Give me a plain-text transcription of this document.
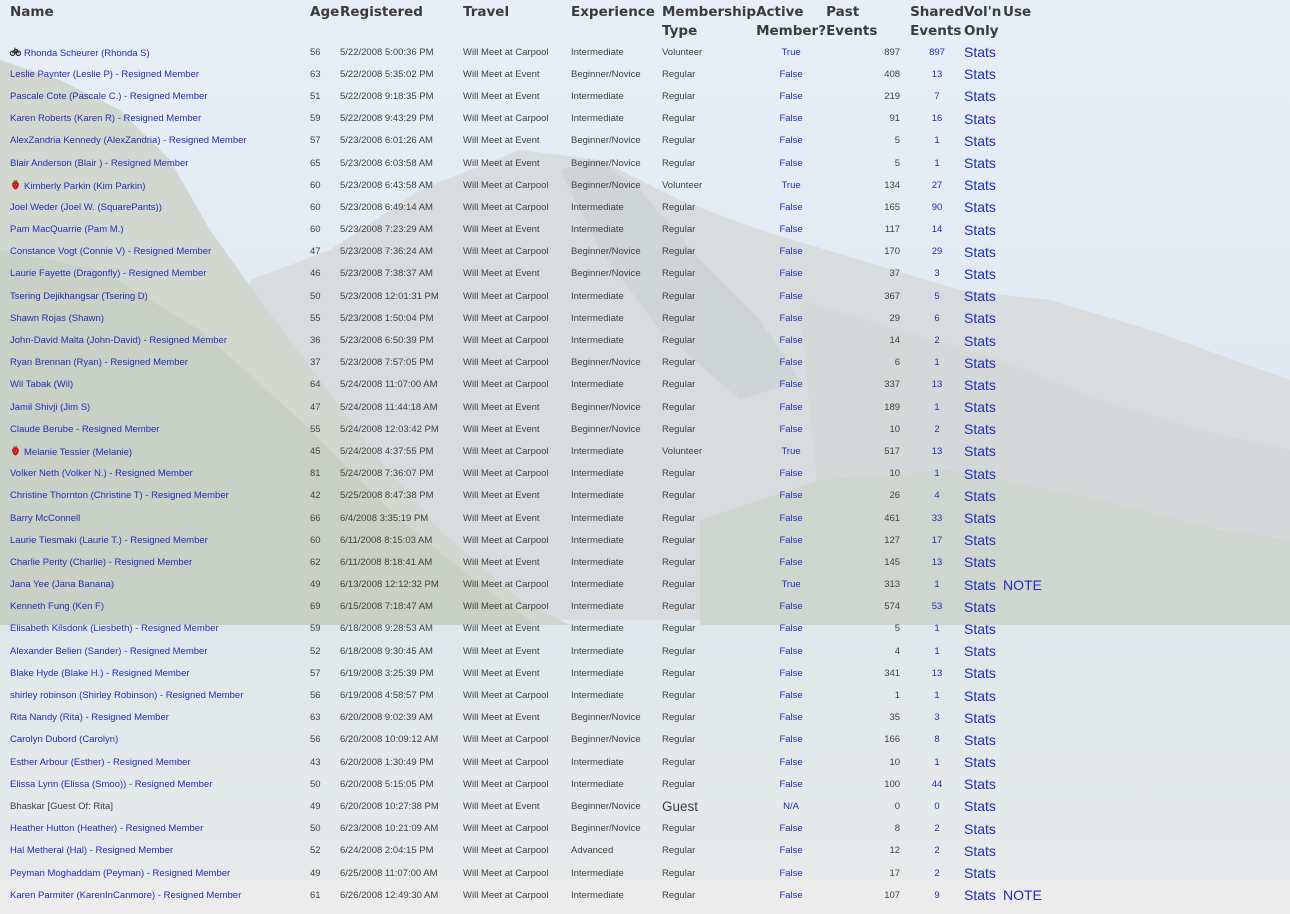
Name	Age	Registered	Travel	Experience	Membership Type	Active Member?	Past Events	Shared Events	Vol'n Only	Use
Rhonda Scheurer (Rhonda S)	56	5/22/2008 5:00:36 PM	Will Meet at Carpool	Intermediate	Volunteer	True	897	897	Stats	
Leslie Paynter (Leslie P) - Resigned Member	63	5/22/2008 5:35:02 PM	Will Meet at Event	Beginner/Novice	Regular	False	408	13	Stats	
Pascale Cote (Pascale C.) - Resigned Member	51	5/22/2008 9:18:35 PM	Will Meet at Event	Intermediate	Regular	False	219	7	Stats	
Karen Roberts (Karen R) - Resigned Member	59	5/22/2008 9:43:29 PM	Will Meet at Carpool	Intermediate	Regular	False	91	16	Stats	
AlexZandria Kennedy (AlexZandria) - Resigned Member	57	5/23/2008 6:01:26 AM	Will Meet at Event	Beginner/Novice	Regular	False	5	1	Stats	
Blair Anderson (Blair ) - Resigned Member	65	5/23/2008 6:03:58 AM	Will Meet at Event	Beginner/Novice	Regular	False	5	1	Stats	
Kimberly Parkin (Kim Parkin)	60	5/23/2008 6:43:58 AM	Will Meet at Carpool	Beginner/Novice	Volunteer	True	134	27	Stats	
Joel Weder (Joel W. (SquarePants))	60	5/23/2008 6:49:14 AM	Will Meet at Carpool	Intermediate	Regular	False	165	90	Stats	
Pam MacQuarrie (Pam M.)	60	5/23/2008 7:23:29 AM	Will Meet at Event	Intermediate	Regular	False	117	14	Stats	
Constance Vogt (Connie V) - Resigned Member	47	5/23/2008 7:36:24 AM	Will Meet at Carpool	Beginner/Novice	Regular	False	170	29	Stats	
Laurie Fayette (Dragonfly) - Resigned Member	46	5/23/2008 7:38:37 AM	Will Meet at Event	Beginner/Novice	Regular	False	37	3	Stats	
Tsering Dejikhangsar (Tsering D)	50	5/23/2008 12:01:31 PM	Will Meet at Carpool	Intermediate	Regular	False	367	5	Stats	
Shawn Rojas (Shawn)	55	5/23/2008 1:50:04 PM	Will Meet at Carpool	Intermediate	Regular	False	29	6	Stats	
John-David Malta (John-David) - Resigned Member	36	5/23/2008 6:50:39 PM	Will Meet at Carpool	Intermediate	Regular	False	14	2	Stats	
Ryan Brennan (Ryan) - Resigned Member	37	5/23/2008 7:57:05 PM	Will Meet at Carpool	Beginner/Novice	Regular	False	6	1	Stats	
Wil Tabak (Wil)	64	5/24/2008 11:07:00 AM	Will Meet at Carpool	Intermediate	Regular	False	337	13	Stats	
Jamil Shivji (Jim S)	47	5/24/2008 11:44:18 AM	Will Meet at Event	Beginner/Novice	Regular	False	189	1	Stats	
Claude Berube - Resigned Member	55	5/24/2008 12:03:42 PM	Will Meet at Event	Beginner/Novice	Regular	False	10	2	Stats	
Melanie Tessier (Melanie)	45	5/24/2008 4:37:55 PM	Will Meet at Carpool	Intermediate	Volunteer	True	517	13	Stats	
Volker Neth (Volker N.) - Resigned Member	81	5/24/2008 7:36:07 PM	Will Meet at Carpool	Intermediate	Regular	False	10	1	Stats	
Christine Thornton (Christine T) - Resigned Member	42	5/25/2008 8:47:38 PM	Will Meet at Event	Intermediate	Regular	False	26	4	Stats	
Barry McConnell	66	6/4/2008 3:35:19 PM	Will Meet at Event	Intermediate	Regular	False	461	33	Stats	
Laurie Tiesmaki (Laurie T.) - Resigned Member	60	6/11/2008 8:15:03 AM	Will Meet at Carpool	Intermediate	Regular	False	127	17	Stats	
Charlie Perity (Charlie) - Resigned Member	62	6/11/2008 8:18:41 AM	Will Meet at Event	Intermediate	Regular	False	145	13	Stats	
Jana Yee (Jana Banana)	49	6/13/2008 12:12:32 PM	Will Meet at Carpool	Intermediate	Regular	True	313	1	Stats	NOTE
Kenneth Fung (Ken F)	69	6/15/2008 7:18:47 AM	Will Meet at Carpool	Intermediate	Regular	False	574	53	Stats	
Elisabeth Kilsdonk (Liesbeth) - Resigned Member	59	6/18/2008 9:28:53 AM	Will Meet at Event	Intermediate	Regular	False	5	1	Stats	
Alexander Belien (Sander) - Resigned Member	52	6/18/2008 9:30:45 AM	Will Meet at Event	Intermediate	Regular	False	4	1	Stats	
Blake Hyde (Blake H.) - Resigned Member	57	6/19/2008 3:25:39 PM	Will Meet at Event	Intermediate	Regular	False	341	13	Stats	
shirley robinson (Shirley Robinson) - Resigned Member	56	6/19/2008 4:58:57 PM	Will Meet at Carpool	Intermediate	Regular	False	1	1	Stats	
Rita Nandy (Rita) - Resigned Member	63	6/20/2008 9:02:39 AM	Will Meet at Event	Beginner/Novice	Regular	False	35	3	Stats	
Carolyn Dubord (Carolyn)	56	6/20/2008 10:09:12 AM	Will Meet at Carpool	Beginner/Novice	Regular	False	166	8	Stats	
Esther Arbour (Esther) - Resigned Member	43	6/20/2008 1:30:49 PM	Will Meet at Carpool	Intermediate	Regular	False	10	1	Stats	
Elissa Lynn (Elissa (Smoo)) - Resigned Member	50	6/20/2008 5:15:05 PM	Will Meet at Carpool	Intermediate	Regular	False	100	44	Stats	
Bhaskar [Guest Of: Rita]	49	6/20/2008 10:27:38 PM	Will Meet at Event	Beginner/Novice	Guest	N/A	0	0	Stats	
Heather Hutton (Heather) - Resigned Member	50	6/23/2008 10:21:09 AM	Will Meet at Carpool	Beginner/Novice	Regular	False	8	2	Stats	
Hal Metheral (Hal) - Resigned Member	52	6/24/2008 2:04:15 PM	Will Meet at Carpool	Advanced	Regular	False	12	2	Stats	
Peyman Moghaddam (Peyman) - Resigned Member	49	6/25/2008 11:07:00 AM	Will Meet at Carpool	Intermediate	Regular	False	17	2	Stats	
Karen Parmiter (KarenInCanmore) - Resigned Member	61	6/26/2008 12:49:30 AM	Will Meet at Carpool	Intermediate	Regular	False	107	9	Stats	NOTE
